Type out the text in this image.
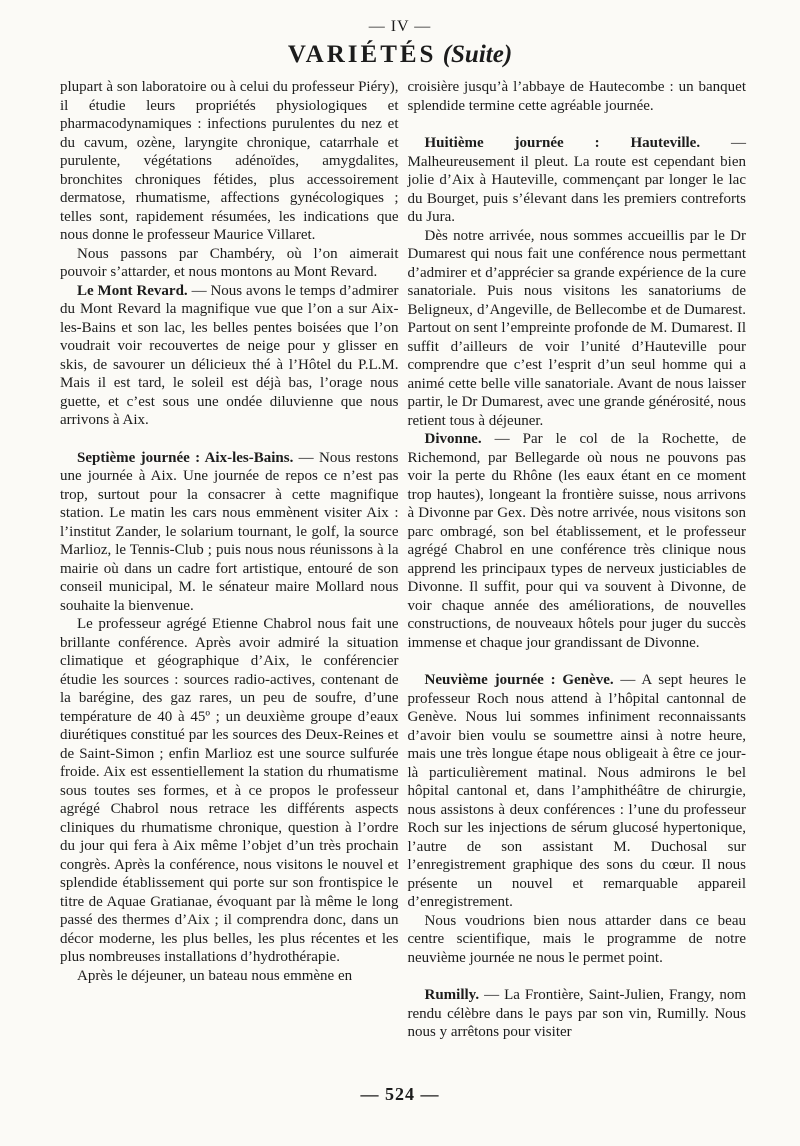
— IV —
VARIÉTÉS (Suite)

plupart à son laboratoire ou à celui du professeur Piéry), il étudie leurs propriétés physiologiques et pharmacodynamiques : infections purulentes du nez et du cavum, ozène, laryngite chronique, catarrhale et purulente, végétations adénoïdes, amygdalites, bronchites chroniques fétides, plus accessoirement dermatose, rhumatisme, affections gynécologiques ; telles sont, rapidement résumées, les indications que nous donne le professeur Maurice Villaret.

Nous passons par Chambéry, où l’on aimerait pouvoir s’attarder, et nous montons au Mont Revard.

Le Mont Revard. — Nous avons le temps d’admirer du Mont Revard la magnifique vue que l’on a sur Aix-les-Bains et son lac, les belles pentes boisées que l’on voudrait voir recouvertes de neige pour y glisser en skis, de savourer un délicieux thé à l’Hôtel du P.L.M. Mais il est tard, le soleil est déjà bas, l’orage nous guette, et c’est sous une ondée diluvienne que nous arrivons à Aix.

Septième journée : Aix-les-Bains. — Nous restons une journée à Aix. Une journée de repos ce n’est pas trop, surtout pour la consacrer à cette magnifique station. Le matin les cars nous emmènent visiter Aix : l’institut Zander, le solarium tournant, le golf, la source Marlioz, le Tennis-Club ; puis nous nous réunissons à la mairie où dans un cadre fort artistique, entouré de son conseil municipal, M. le sénateur maire Mollard nous souhaite la bienvenue.

Le professeur agrégé Etienne Chabrol nous fait une brillante conférence. Après avoir admiré la situation climatique et géographique d’Aix, le conférencier étudie les sources : sources radio-actives, contenant de la barégine, des gaz rares, un peu de soufre, d’une température de 40 à 45º ; un deuxième groupe d’eaux diurétiques constitué par les sources des Deux-Reines et de Saint-Simon ; enfin Marlioz est une source sulfurée froide. Aix est essentiellement la station du rhumatisme sous toutes ses formes, et à ce propos le professeur agrégé Chabrol nous retrace les différents aspects cliniques du rhumatisme chronique, question à l’ordre du jour qui fera à Aix même l’objet d’un très prochain congrès. Après la conférence, nous visitons le nouvel et splendide établissement qui porte sur son frontispice le titre de Aquae Gratianae, évoquant par là même le long passé des thermes d’Aix ; il comprendra donc, dans un décor moderne, les plus belles, les plus récentes et les plus nombreuses installations d’hydrothérapie.

Après le déjeuner, un bateau nous emmène en

croisière jusqu’à l’abbaye de Hautecombe : un banquet splendide termine cette agréable journée.

Huitième journée : Hauteville. — Malheureusement il pleut. La route est cependant bien jolie d’Aix à Hauteville, commençant par longer le lac du Bourget, puis s’élevant dans les premiers contreforts du Jura.

Dès notre arrivée, nous sommes accueillis par le Dr Dumarest qui nous fait une conférence nous permettant d’admirer et d’apprécier sa grande expérience de la cure sanatoriale. Puis nous visitons les sanatoriums de Beligneux, d’Angeville, de Bellecombe et de Dumarest. Partout on sent l’empreinte profonde de M. Dumarest. Il suffit d’ailleurs de voir l’unité d’Hauteville pour comprendre que c’est l’esprit d’un seul homme qui a animé cette belle ville sanatoriale. Avant de nous laisser partir, le Dr Dumarest, avec une grande générosité, nous retient tous à déjeuner.

Divonne. — Par le col de la Rochette, de Richemond, par Bellegarde où nous ne pouvons pas voir la perte du Rhône (les eaux étant en ce moment trop hautes), longeant la frontière suisse, nous arrivons à Divonne par Gex. Dès notre arrivée, nous visitons son parc ombragé, son bel établissement, et le professeur agrégé Chabrol en une conférence très clinique nous apprend les principaux types de nerveux justiciables de Divonne. Il suffit, pour qui va souvent à Divonne, de voir chaque année des améliorations, de nouvelles constructions, de nouveaux hôtels pour juger du succès immense et chaque jour grandissant de Divonne.

Neuvième journée : Genève. — A sept heures le professeur Roch nous attend à l’hôpital cantonnal de Genève. Nous lui sommes infiniment reconnaissants d’avoir bien voulu se soumettre ainsi à notre heure, mais une très longue étape nous obligeait à être ce jour-là particulièrement matinal. Nous admirons le bel hôpital cantonal et, dans l’amphithéâtre de chirurgie, nous assistons à deux conférences : l’une du professeur Roch sur les injections de sérum glucosé hypertonique, l’autre de son assistant M. Duchosal sur l’enregistrement graphique des sons du cœur. Il nous présente un nouvel et remarquable appareil d’enregistrement.

Nous voudrions bien nous attarder dans ce beau centre scientifique, mais le programme de notre neuvième journée ne nous le permet point.

Rumilly. — La Frontière, Saint-Julien, Frangy, nom rendu célèbre dans le pays par son vin, Rumilly. Nous nous y arrêtons pour visiter

— 524 —
